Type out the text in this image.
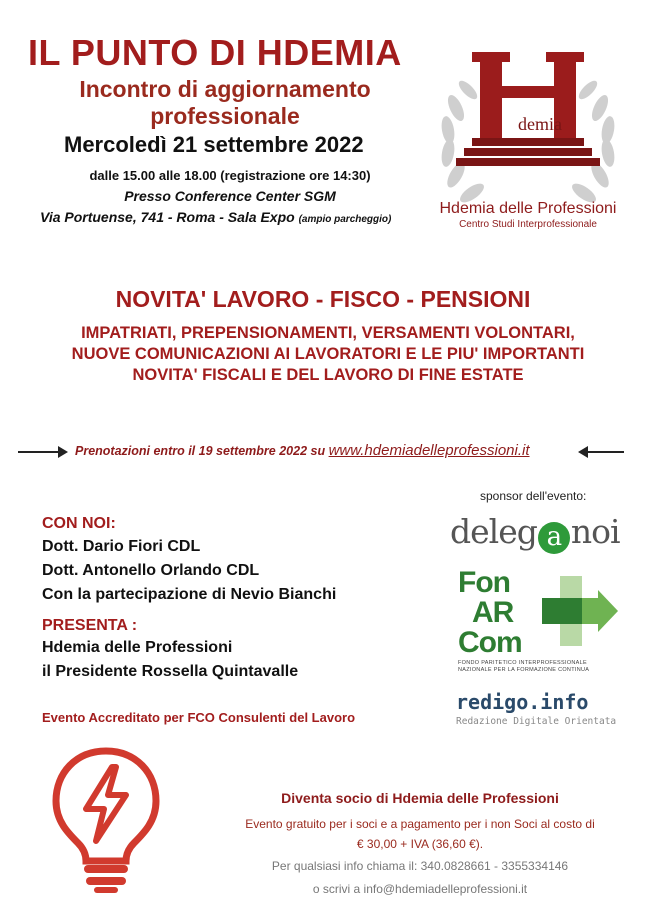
IL PUNTO DI HDEMIA
Incontro di aggiornamento professionale
Mercoledì 21 settembre 2022
dalle 15.00 alle 18.00 (registrazione ore 14:30)
Presso Conference Center SGM
Via Portuense, 741 - Roma - Sala Expo (ampio parcheggio)
demia
Hdemia delle Professioni
Centro Studi Interprofessionale
NOVITA' LAVORO - FISCO - PENSIONI
IMPATRIATI, PREPENSIONAMENTI, VERSAMENTI VOLONTARI, NUOVE COMUNICAZIONI AI LAVORATORI E LE PIU' IMPORTANTI NOVITA' FISCALI E DEL LAVORO DI FINE ESTATE
Prenotazioni entro il 19 settembre 2022 su www.hdemiadelleprofessioni.it
sponsor dell'evento:
CON NOI:
Dott. Dario Fiori CDL
Dott. Antonello Orlando CDL
Con la partecipazione di Nevio Bianchi
PRESENTA :
Hdemia delle Professioni
il Presidente Rossella Quintavalle
Evento Accreditato per FCO Consulenti del Lavoro
deleg a noi
Fon
AR
Com
FONDO PARITETICO INTERPROFESSIONALE
NAZIONALE PER LA FORMAZIONE CONTINUA
redigo.info
Redazione Digitale Orientata
Diventa socio di Hdemia delle Professioni
Evento gratuito per i soci e a pagamento per i non Soci al costo di
€ 30,00 + IVA (36,60 €).
Per qualsiasi info chiama il: 340.0828661 - 3355334146
o scrivi a info@hdemiadelleprofessioni.it
